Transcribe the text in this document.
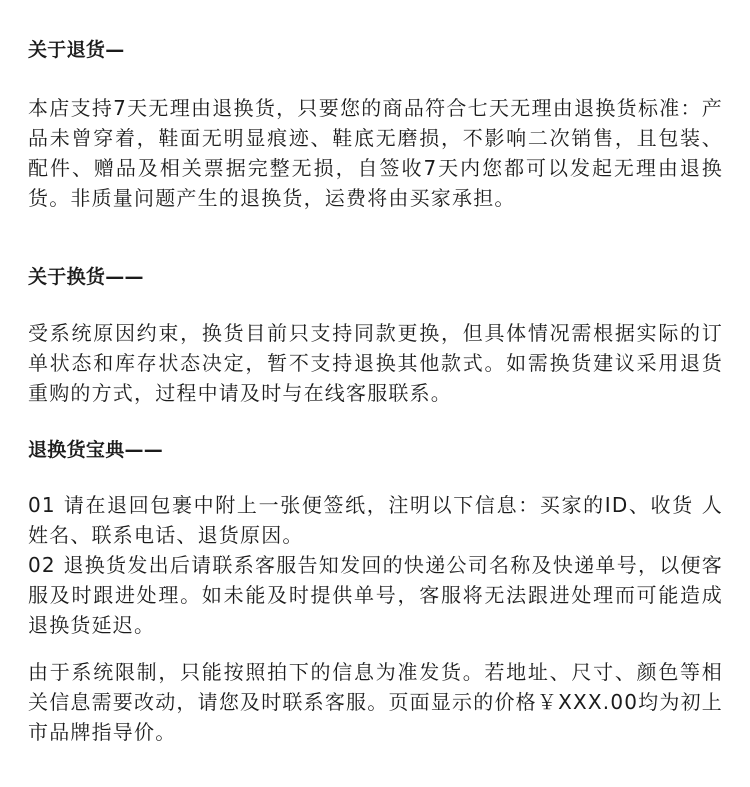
关于退货—
本店支持7天无理由退换货，只要您的商品符合七天无理由退换货标准：产品未曾穿着，鞋面无明显痕迹、鞋底无磨损，不影响二次销售，且包装、配件、赠品及相关票据完整无损，自签收7天内您都可以发起无理由退换货。非质量问题产生的退换货，运费将由买家承担。
关于换货——
受系统原因约束，换货目前只支持同款更换，但具体情况需根据实际的订单状态和库存状态决定，暂不支持退换其他款式。如需换货建议采用退货重购的方式，过程中请及时与在线客服联系。
退换货宝典——

01 请在退回包裹中附上一张便签纸，注明以下信息：买家的ID、收货 人姓名、联系电话、退货原因。

02 退换货发出后请联系客服告知发回的快递公司名称及快递单号，以便客服及时跟进处理。如未能及时提供单号，客服将无法跟进处理而可能造成退换货延迟。

由于系统限制，只能按照拍下的信息为准发货。若地址、尺寸、颜色等相关信息需要改动，请您及时联系客服。页面显示的价格￥XXX.00均为初上市品牌指导价。
